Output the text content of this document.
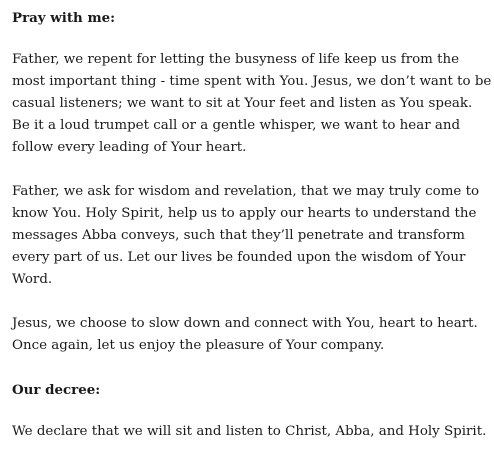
Pray with me:

Father, we repent for letting the busyness of life keep us from the most important thing - time spent with You. Jesus, we don’t want to be casual listeners; we want to sit at Your feet and listen as You speak. Be it a loud trumpet call or a gentle whisper, we want to hear and follow every leading of Your heart.

Father, we ask for wisdom and revelation, that we may truly come to know You. Holy Spirit, help us to apply our hearts to understand the messages Abba conveys, such that they’ll penetrate and transform every part of us. Let our lives be founded upon the wisdom of Your Word.

Jesus, we choose to slow down and connect with You, heart to heart. Once again, let us enjoy the pleasure of Your company.

Our decree:

We declare that we will sit and listen to Christ, Abba, and Holy Spirit.
